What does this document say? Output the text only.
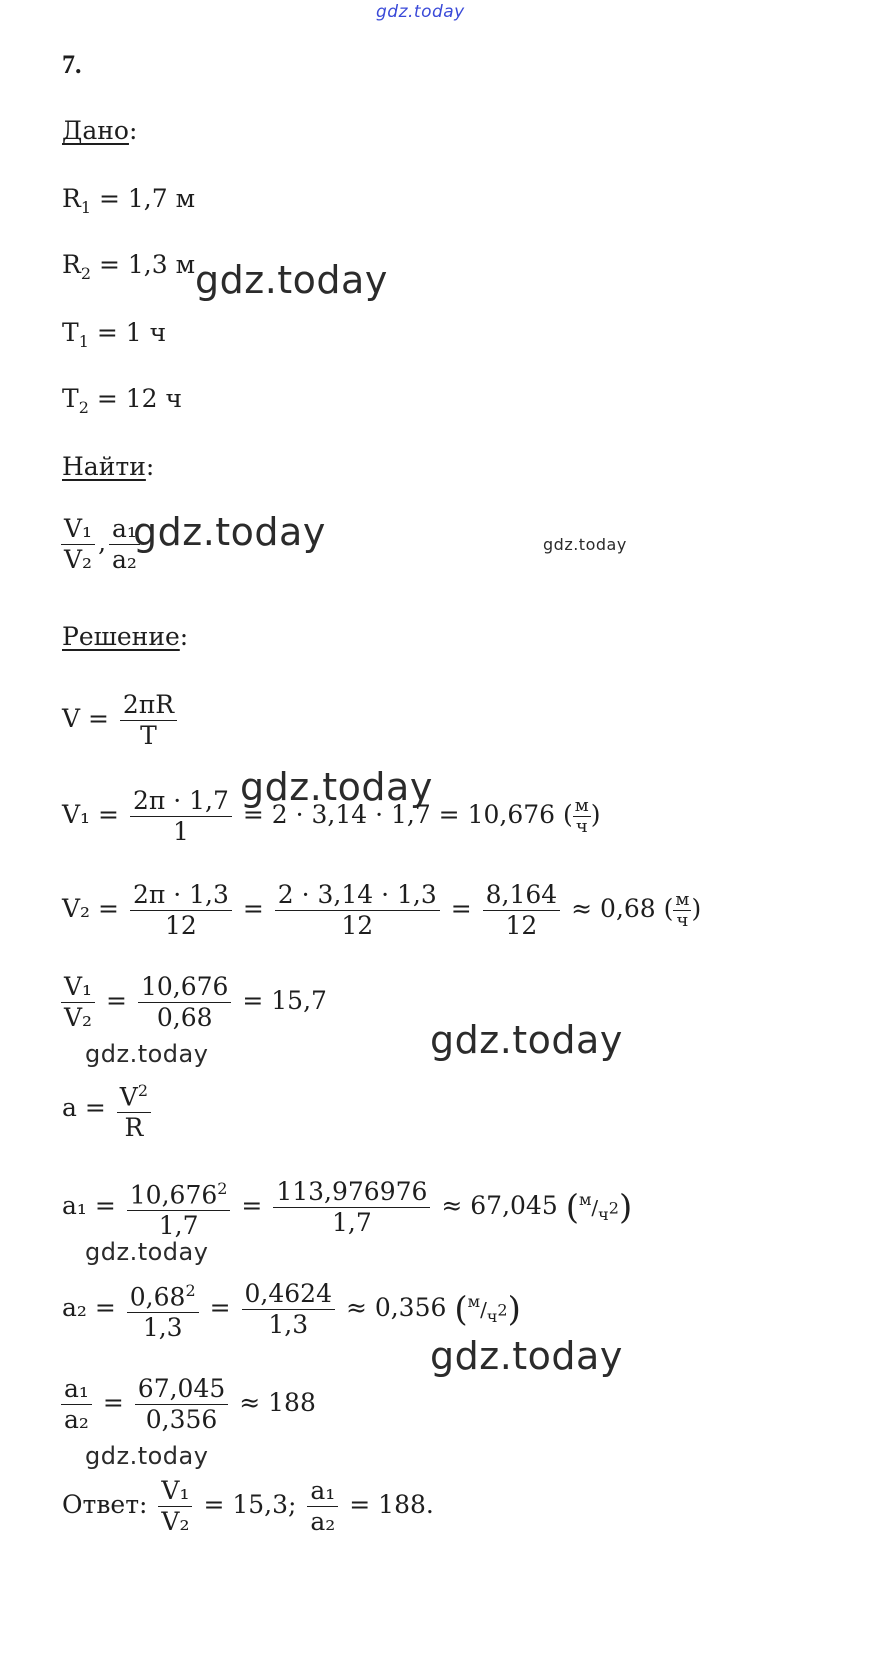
gdz.today
gdz.today
gdz.today	gdz.today
gdz.today
gdz.today
gdz.today
gdz.today
gdz.today
gdz.today
7.
Дано:
$R_1 = 1,7$ м
$R_2 = 1,3$ м
$T_1 = 1$ ч
$T_2 = 12$ ч
Найти:
$\frac{\text{V₁}}{\text{V₂}}$ , $\frac{\text{a₁}}{\text{a₂}}$
Решение:
$V = \frac{2\pi R}{T}$
$V_1 = \frac{2\pi \cdot 1,7}{1} = 2 \cdot 3,14 \cdot 1,7 = 10,676$ ( м
ч )
$V_2 = \frac{2\pi \cdot 1,3}{12} = \frac{2 \cdot 3,14 \cdot 1,3}{12} = \frac{8,164}{12} \approx 0,68$ ( м
ч )
$\frac{\text{V₁}}{\text{V₂}} = \frac{10,676}{0,68} = 15,7$
$a = \frac{V^2}{R}$
$a_1 = \frac{10,676^2}{1,7} = \frac{113,976976}{1,7} \approx 67,045$ $(^м/_{ч^2})$
$a_2 = \frac{0,68^2}{1,3} = \frac{0,4624}{1,3} \approx 0,356$ $(^м/_{ч^2})$
$\frac{\text{a₁}}{\text{a₂}} = \frac{67,045}{0,356} \approx 188$
Ответ: $\frac{\text{V₁}}{\text{V₂}} = 15,3$; $\frac{\text{a₁}}{\text{a₂}} = 188$.
